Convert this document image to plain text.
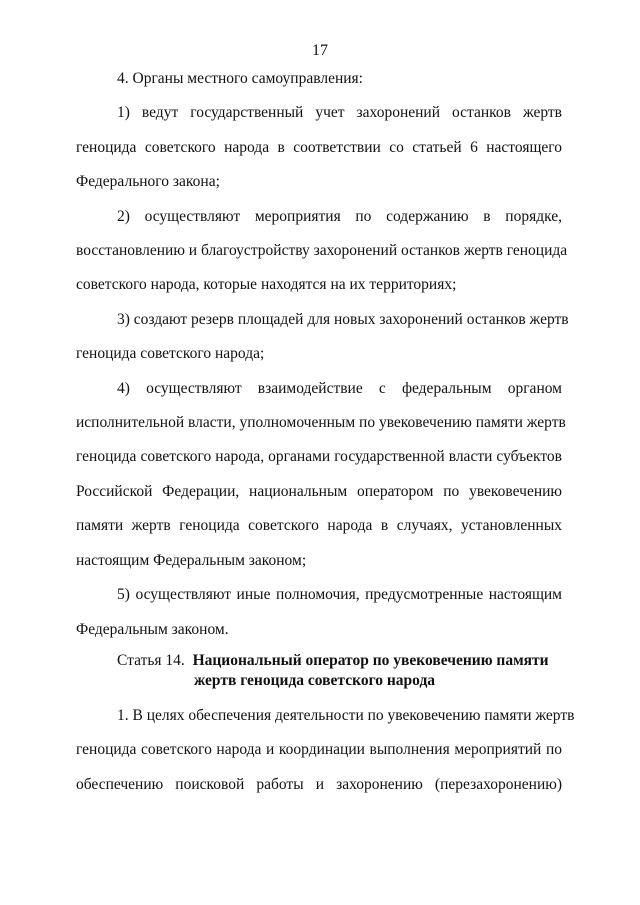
17

4. Органы местного самоуправления:

1) ведут государственный учет захоронений останков жертв
геноцида советского народа в соответствии со статьей 6 настоящего
Федерального закона;

2) осуществляют мероприятия по содержанию в порядке,
восстановлению и благоустройству захоронений останков жертв геноцида
советского народа, которые находятся на их территориях;

3) создают резерв площадей для новых захоронений останков жертв
геноцида советского народа;

4) осуществляют взаимодействие с федеральным органом
исполнительной власти, уполномоченным по увековечению памяти жертв
геноцида советского народа, органами государственной власти субъектов
Российской Федерации, национальным оператором по увековечению
памяти жертв геноцида советского народа в случаях, установленных
настоящим Федеральным законом;

5) осуществляют иные полномочия, предусмотренные настоящим
Федеральным законом.

Статья 14. Национальный оператор по увековечению памяти
жертв геноцида советского народа

1. В целях обеспечения деятельности по увековечению памяти жертв
геноцида советского народа и координации выполнения мероприятий по
обеспечению поисковой работы и захоронению (перезахоронению)
